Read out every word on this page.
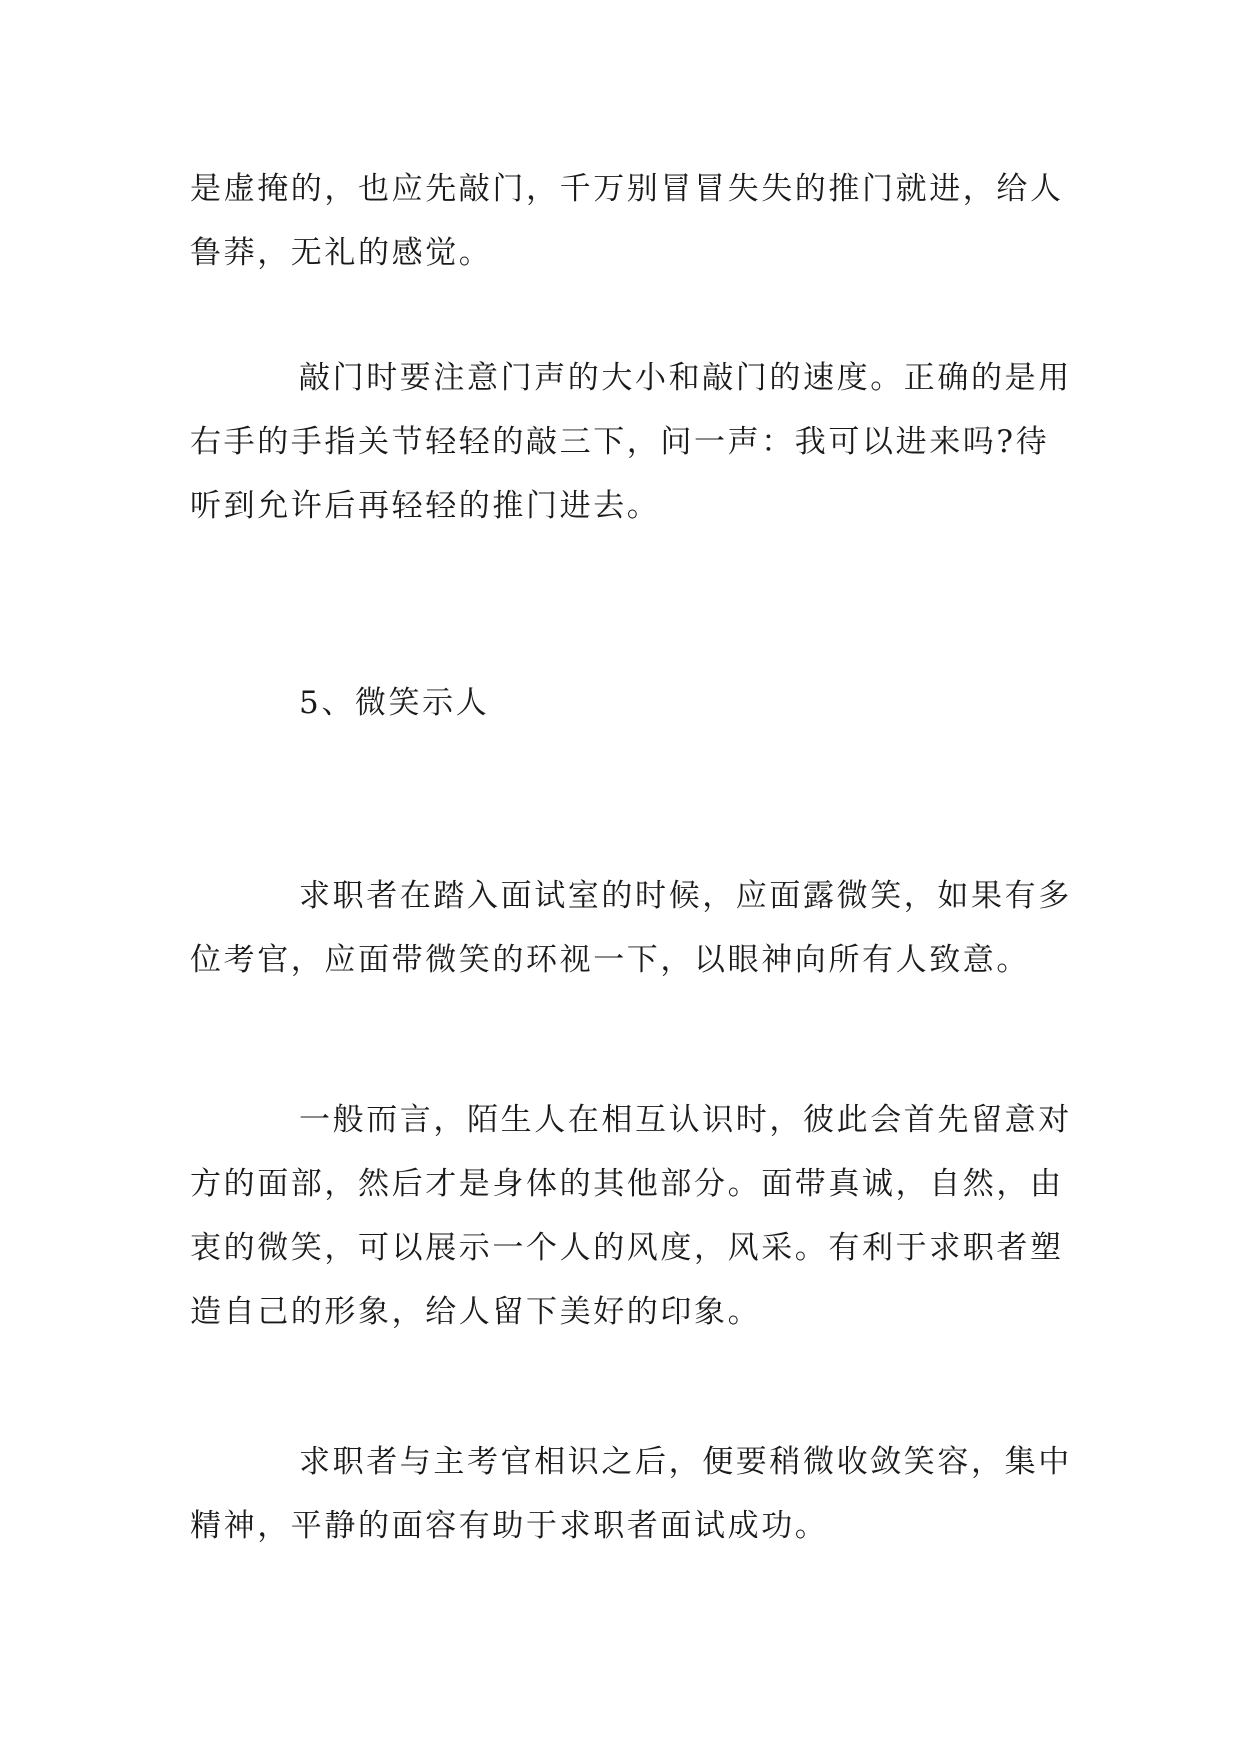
是虚掩的，也应先敲门，千万别冒冒失失的推门就进，给人
鲁莽，无礼的感觉。
敲门时要注意门声的大小和敲门的速度。正确的是用
右手的手指关节轻轻的敲三下，问一声：我可以进来吗?待
听到允许后再轻轻的推门进去。
5、微笑示人
求职者在踏入面试室的时候，应面露微笑，如果有多
位考官，应面带微笑的环视一下，以眼神向所有人致意。
一般而言，陌生人在相互认识时，彼此会首先留意对
方的面部，然后才是身体的其他部分。面带真诚，自然，由
衷的微笑，可以展示一个人的风度，风采。有利于求职者塑
造自己的形象，给人留下美好的印象。
求职者与主考官相识之后，便要稍微收敛笑容，集中
精神，平静的面容有助于求职者面试成功。
